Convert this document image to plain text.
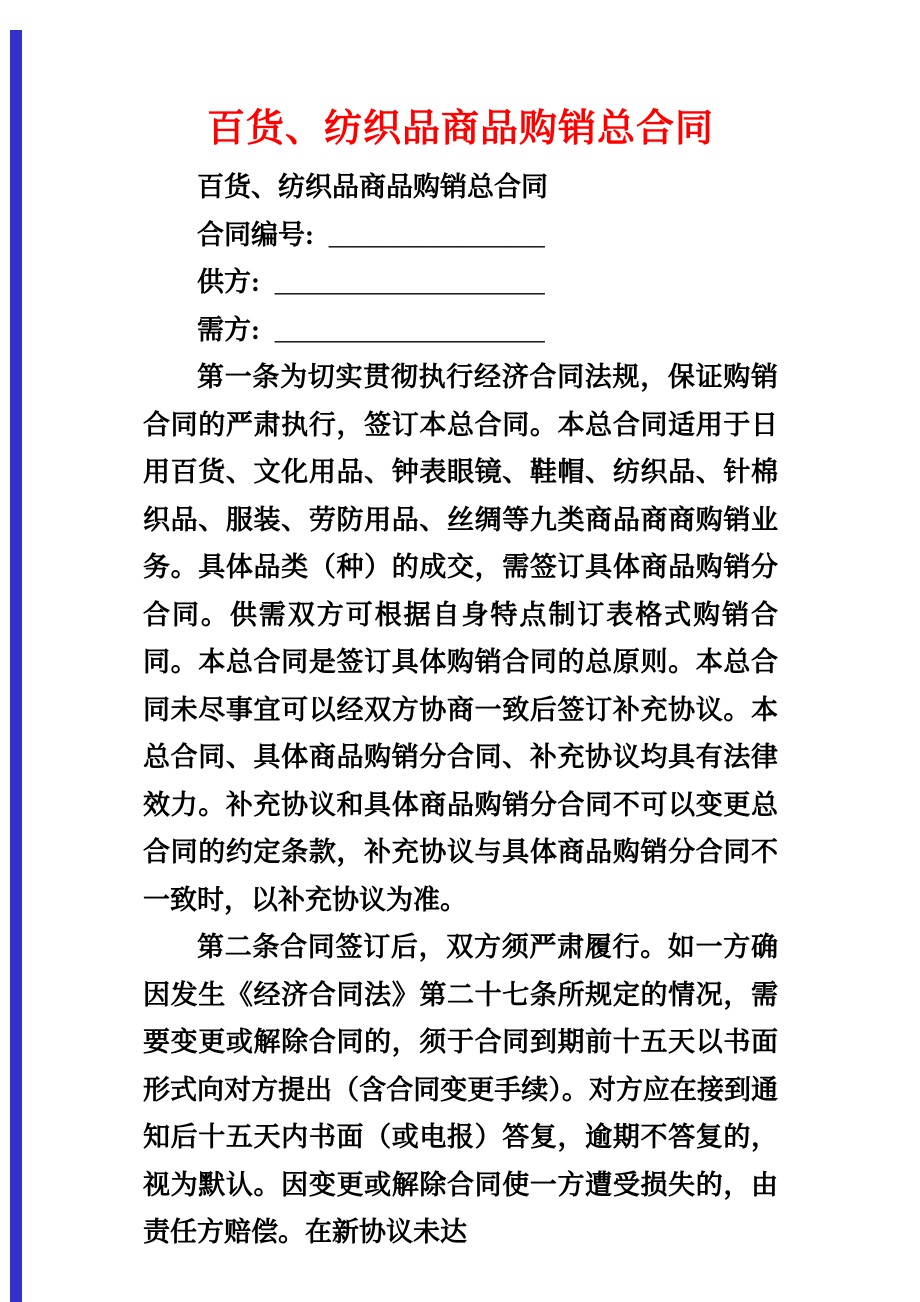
百货、纺织品商品购销总合同

百货、纺织品商品购销总合同

合同编号: ________________

供方: ____________________

需方: ____________________

第一条为切实贯彻执行经济合同法规，保证购销合同的严肃执行，签订本总合同。本总合同适用于日用百货、文化用品、钟表眼镜、鞋帽、纺织品、针棉织品、服装、劳防用品、丝绸等九类商品商商购销业务。具体品类（种）的成交，需签订具体商品购销分合同。供需双方可根据自身特点制订表格式购销合同。本总合同是签订具体购销合同的总原则。本总合同未尽事宜可以经双方协商一致后签订补充协议。本总合同、具体商品购销分合同、补充协议均具有法律效力。补充协议和具体商品购销分合同不可以变更总合同的约定条款，补充协议与具体商品购销分合同不一致时，以补充协议为准。

第二条合同签订后，双方须严肃履行。如一方确因发生《经济合同法》第二十七条所规定的情况，需要变更或解除合同的，须于合同到期前十五天以书面形式向对方提出（含合同变更手续）。对方应在接到通知后十五天内书面（或电报）答复，逾期不答复的，视为默认。因变更或解除合同使一方遭受损失的，由责任方赔偿。在新协议未达
